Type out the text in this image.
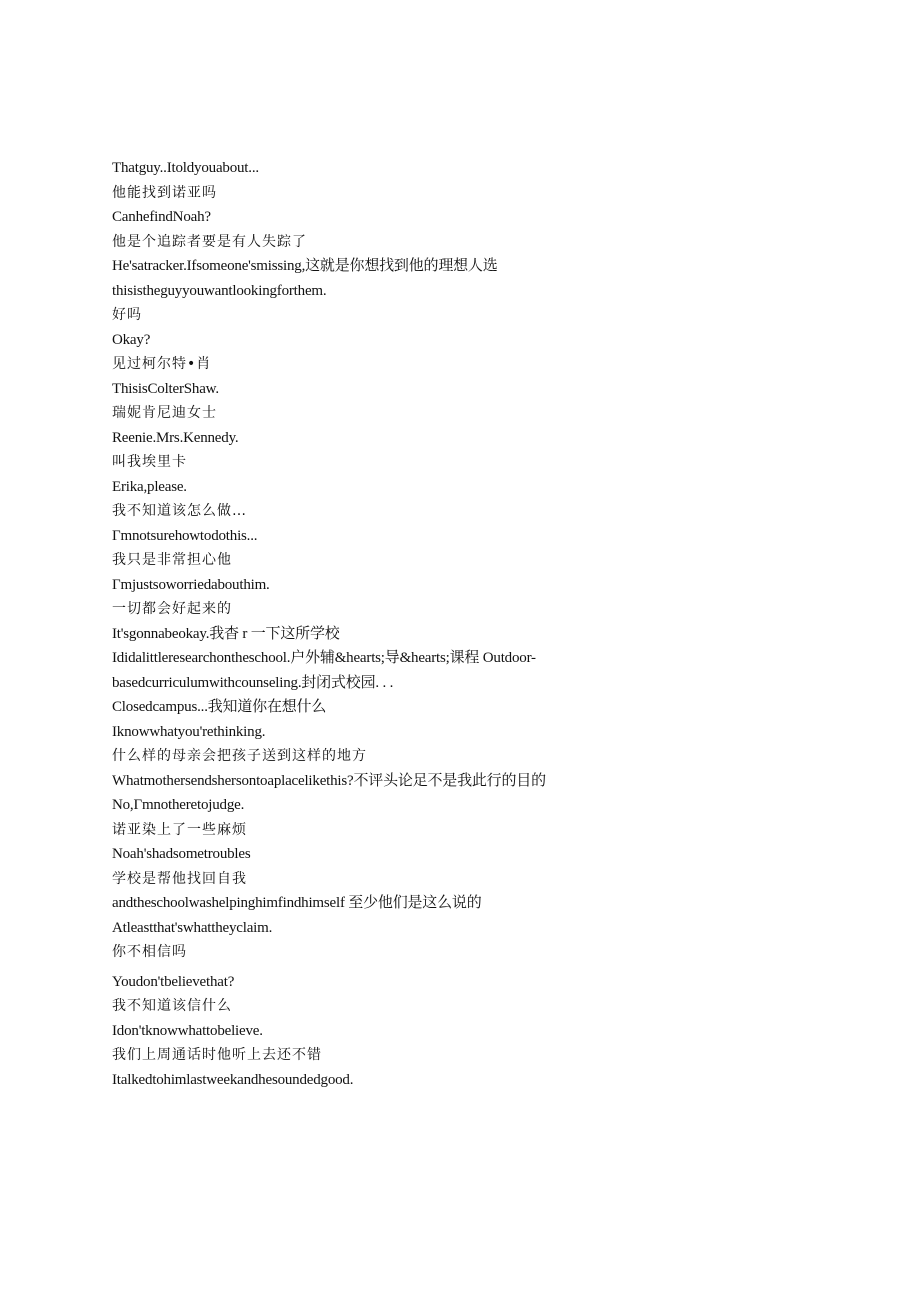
Thatguy..Itoldyouabout...
他能找到诺亚吗
CanhefindNoah?
他是个追踪者要是有人失踪了
He'satracker.Ifsomeone'smissing,这就是你想找到他的理想人选
thisistheguyyouwantlookingforthem.
好吗
Okay?
见过柯尔特•肖
ThisisColterShaw.
瑞妮肯尼迪女士
Reenie.Mrs.Kennedy.
叫我埃里卡
Erika,please.
我不知道该怎么做…
Γmnotsurehowtodothis...
我只是非常担心他
Γmjustsoworriedabouthim.
一切都会好起来的
It'sgonnabeokay.我杳 r 一下这所学校
Ididalittleresearchontheschool.户外辅&hearts;导&hearts;课程 Outdoor-
basedcurriculumwithcounseling.封闭式校园. . .
Closedcampus...我知道你在想什么
Iknowwhatyou'rethinking.
什么样的母亲会把孩子送到这样的地方
Whatmothersendshersontoaplacelikethis?不评头论足不是我此行的目的
No,Γmnotheretojudge.
诺亚染上了一些麻烦
Noah'shadsometroubles
学校是帮他找回自我
andtheschoolwashelpinghimfindhimself 至少他们是这么说的
Atleastthat'swhattheyclaim.
你不相信吗
Youdon'tbelievethat?
我不知道该信什么
Idon'tknowwhattobelieve.
我们上周通话时他听上去还不错
Italkedtohimlastweekandhesoundedgood.
